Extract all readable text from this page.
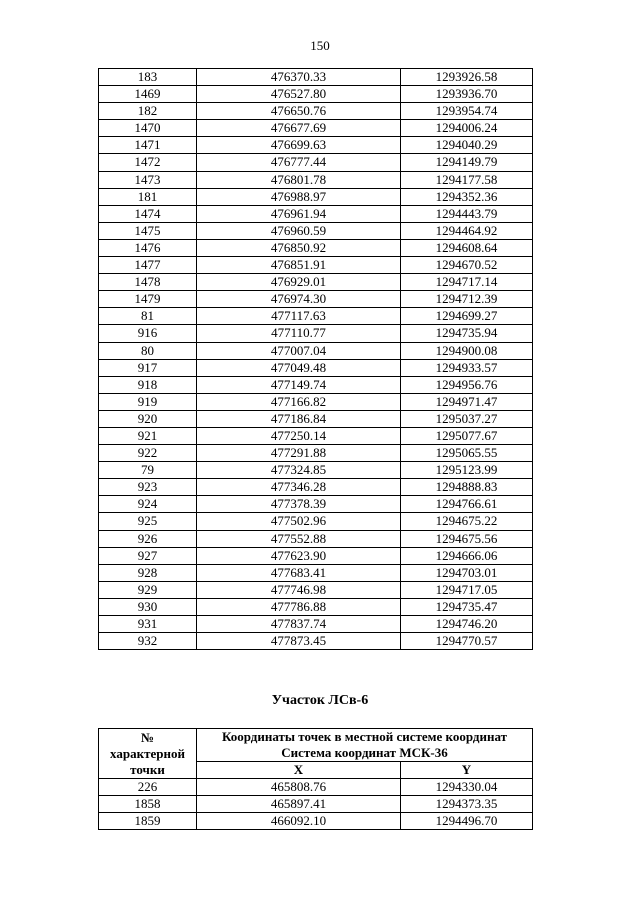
150
183	476370.33	1293926.58
1469	476527.80	1293936.70
182	476650.76	1293954.74
1470	476677.69	1294006.24
1471	476699.63	1294040.29
1472	476777.44	1294149.79
1473	476801.78	1294177.58
181	476988.97	1294352.36
1474	476961.94	1294443.79
1475	476960.59	1294464.92
1476	476850.92	1294608.64
1477	476851.91	1294670.52
1478	476929.01	1294717.14
1479	476974.30	1294712.39
81	477117.63	1294699.27
916	477110.77	1294735.94
80	477007.04	1294900.08
917	477049.48	1294933.57
918	477149.74	1294956.76
919	477166.82	1294971.47
920	477186.84	1295037.27
921	477250.14	1295077.67
922	477291.88	1295065.55
79	477324.85	1295123.99
923	477346.28	1294888.83
924	477378.39	1294766.61
925	477502.96	1294675.22
926	477552.88	1294675.56
927	477623.90	1294666.06
928	477683.41	1294703.01
929	477746.98	1294717.05
930	477786.88	1294735.47
931	477837.74	1294746.20
932	477873.45	1294770.57
Участок ЛСв-6
№
характерной
точки	Координаты точек в местной системе координат
Система координат МСК-36	
	X	Y
226	465808.76	1294330.04
1858	465897.41	1294373.35
1859	466092.10	1294496.70
